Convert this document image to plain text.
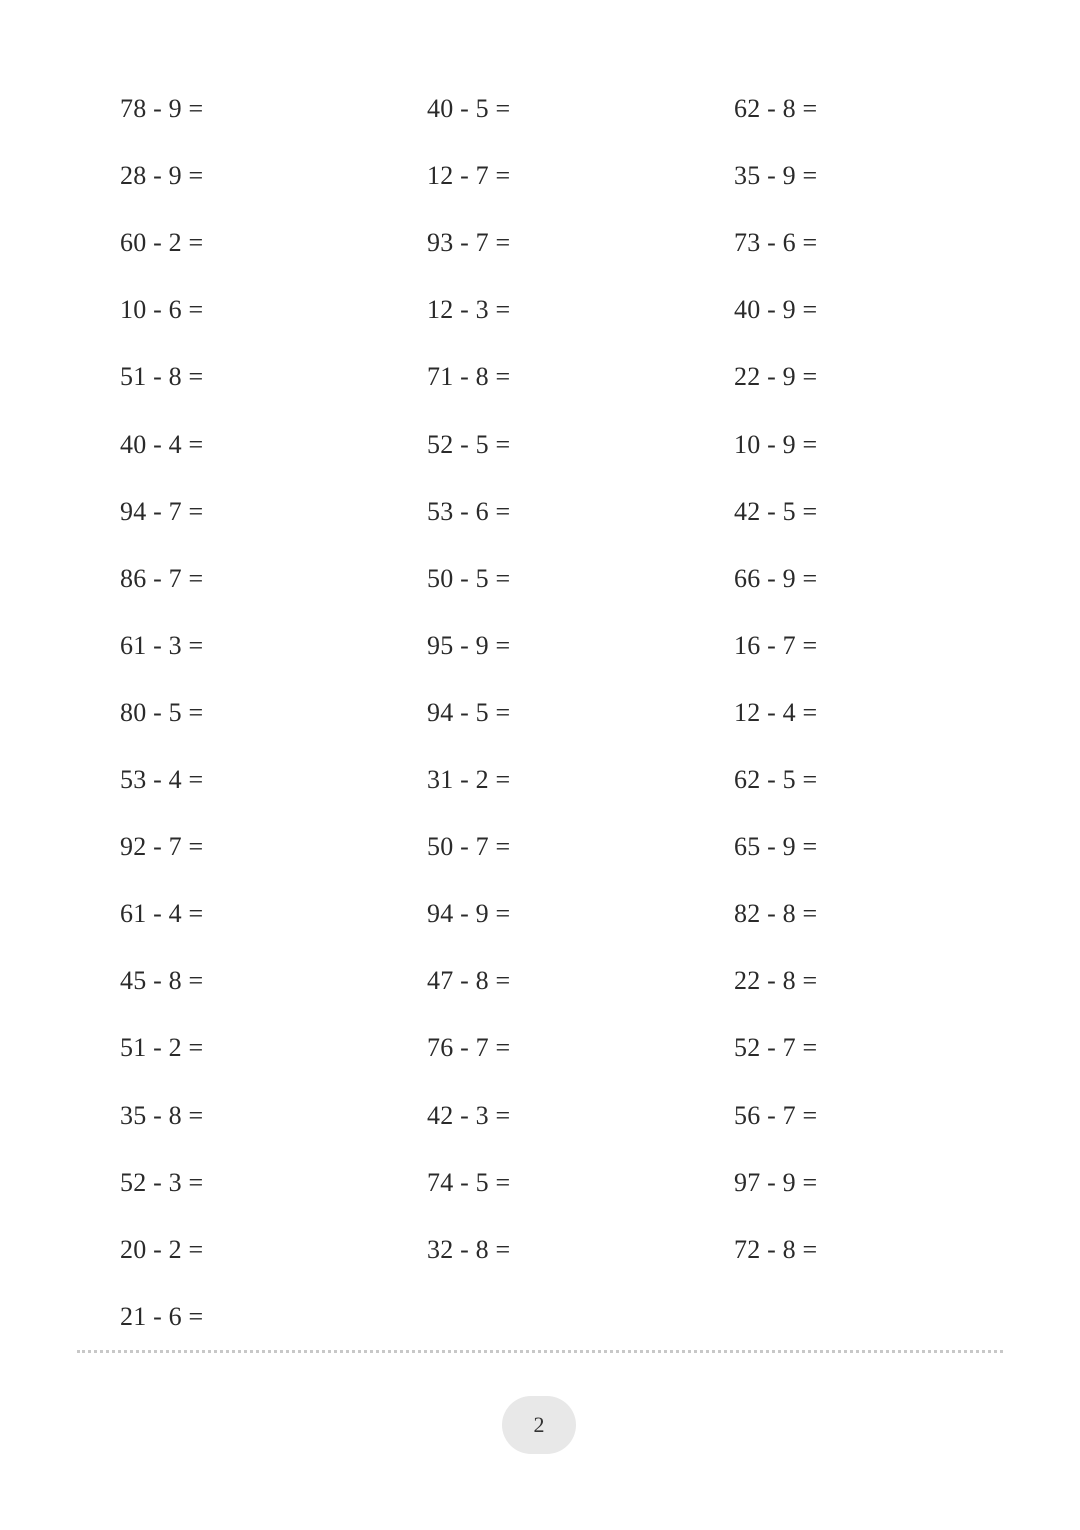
78 - 9 =
28 - 9 =
60 - 2 =
10 - 6 =
51 - 8 =
40 - 4 =
94 - 7 =
86 - 7 =
61 - 3 =
80 - 5 =
53 - 4 =
92 - 7 =
61 - 4 =
45 - 8 =
51 - 2 =
35 - 8 =
52 - 3 =
20 - 2 =
21 - 6 =
40 - 5 =
12 - 7 =
93 - 7 =
12 - 3 =
71 - 8 =
52 - 5 =
53 - 6 =
50 - 5 =
95 - 9 =
94 - 5 =
31 - 2 =
50 - 7 =
94 - 9 =
47 - 8 =
76 - 7 =
42 - 3 =
74 - 5 =
32 - 8 =
62 - 8 =
35 - 9 =
73 - 6 =
40 - 9 =
22 - 9 =
10 - 9 =
42 - 5 =
66 - 9 =
16 - 7 =
12 - 4 =
62 - 5 =
65 - 9 =
82 - 8 =
22 - 8 =
52 - 7 =
56 - 7 =
97 - 9 =
72 - 8 =
2
